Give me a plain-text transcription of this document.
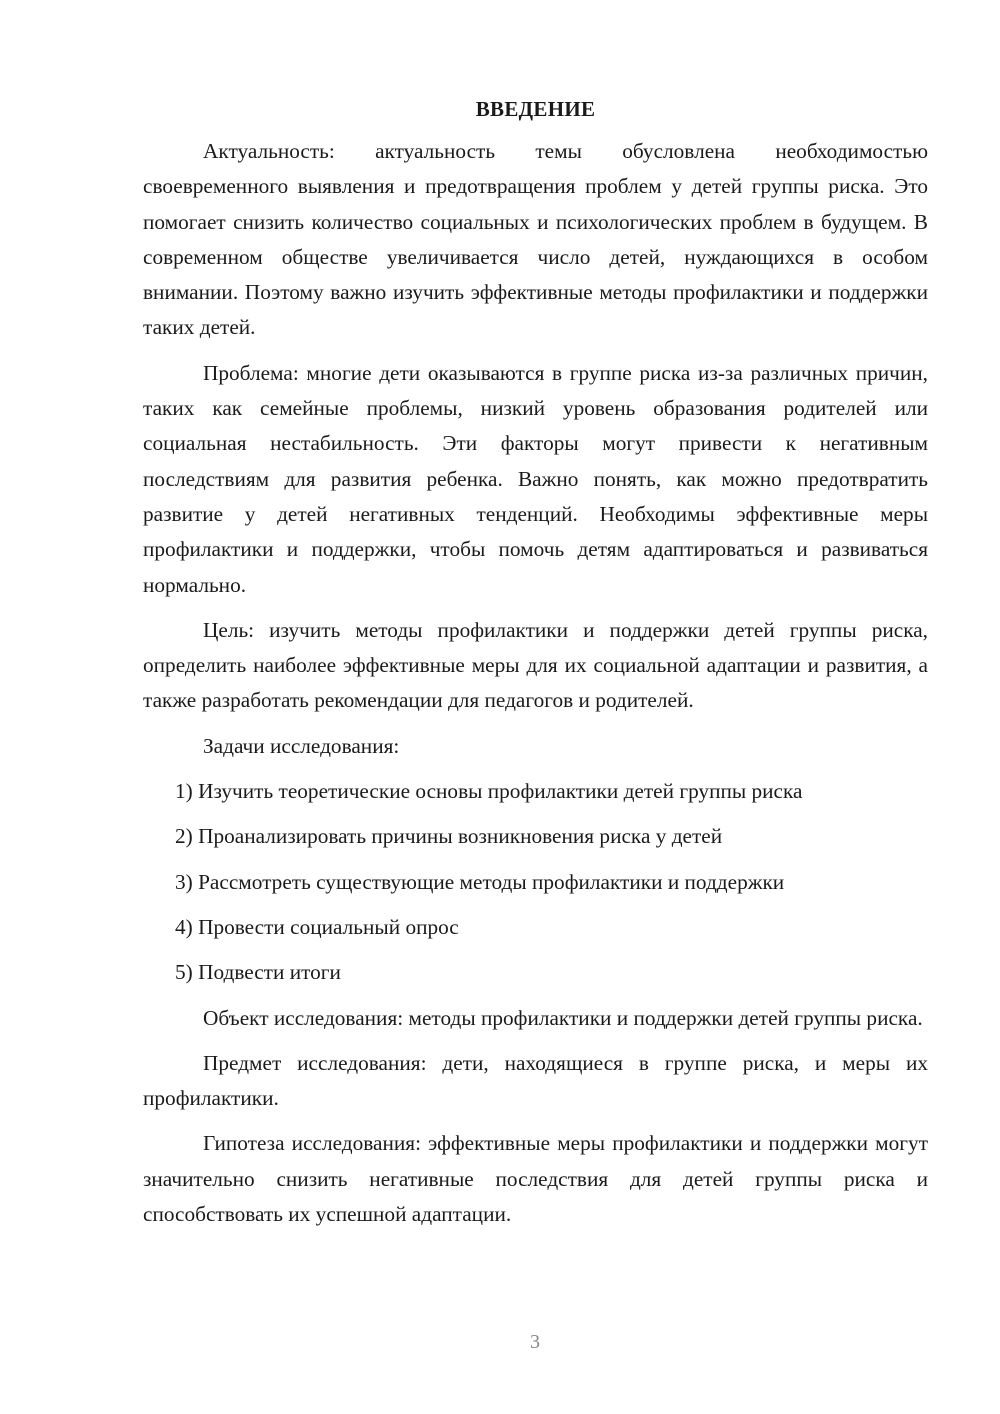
ВВЕДЕНИЕ

Актуальность: актуальность темы обусловлена необходимостью своевременного выявления и предотвращения проблем у детей группы риска. Это помогает снизить количество социальных и психологических проблем в будущем. В современном обществе увеличивается число детей, нуждающихся в особом внимании. Поэтому важно изучить эффективные методы профилактики и поддержки таких детей.

Проблема: многие дети оказываются в группе риска из-за различных причин, таких как семейные проблемы, низкий уровень образования родителей или социальная нестабильность. Эти факторы могут привести к негативным последствиям для развития ребенка. Важно понять, как можно предотвратить развитие у детей негативных тенденций. Необходимы эффективные меры профилактики и поддержки, чтобы помочь детям адаптироваться и развиваться нормально.

Цель: изучить методы профилактики и поддержки детей группы риска, определить наиболее эффективные меры для их социальной адаптации и развития, а также разработать рекомендации для педагогов и родителей.

Задачи исследования:

1) Изучить теоретические основы профилактики детей группы риска
2) Проанализировать причины возникновения риска у детей
3) Рассмотреть существующие методы профилактики и поддержки
4) Провести социальный опрос
5) Подвести итоги

Объект исследования: методы профилактики и поддержки детей группы риска.

Предмет исследования: дети, находящиеся в группе риска, и меры их профилактики.

Гипотеза исследования: эффективные меры профилактики и поддержки могут значительно снизить негативные последствия для детей группы риска и способствовать их успешной адаптации.

3
